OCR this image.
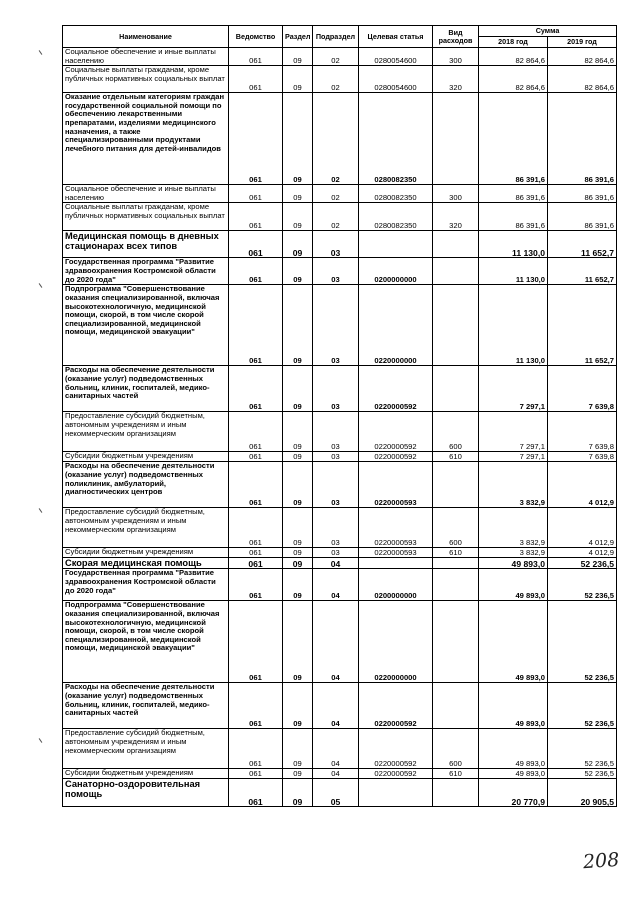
Наименование	Ведомство	Раздел	Подраздел	Целевая статья	Вид расходов	Сумма	
						2018 год	2019 год
Социальное обеспечение и иные выплаты населению	061	09	02	0280054600	300	82 864,6	82 864,6
Социальные выплаты гражданам, кроме публичных нормативных социальных выплат	061	09	02	0280054600	320	82 864,6	82 864,6
Оказание отдельным категориям граждан государственной социальной помощи по обеспечению лекарственными препаратами, изделиями медицинского назначения, а также специализированными продуктами лечебного питания для детей-инвалидов	061	09	02	0280082350		86 391,6	86 391,6
Социальное обеспечение и иные выплаты населению	061	09	02	0280082350	300	86 391,6	86 391,6
Социальные выплаты гражданам, кроме публичных нормативных социальных выплат	061	09	02	0280082350	320	86 391,6	86 391,6
Медицинская помощь в дневных стационарах всех типов	061	09	03			11 130,0	11 652,7
Государственная программа "Развитие здравоохранения Костромской области до 2020 года"	061	09	03	0200000000		11 130,0	11 652,7
Подпрограмма "Совершенствование оказания специализированной, включая высокотехнологичную, медицинской помощи, скорой, в том числе скорой специализированной, медицинской помощи, медицинской эвакуации"	061	09	03	0220000000		11 130,0	11 652,7
Расходы на обеспечение деятельности (оказание услуг) подведомственных больниц, клиник, госпиталей, медико-санитарных частей	061	09	03	0220000592		7 297,1	7 639,8
Предоставление субсидий бюджетным, автономным учреждениям и иным некоммерческим организациям	061	09	03	0220000592	600	7 297,1	7 639,8
Субсидии бюджетным учреждениям	061	09	03	0220000592	610	7 297,1	7 639,8
Расходы на обеспечение деятельности (оказание услуг) подведомственных поликлиник, амбулаторий, диагностических центров	061	09	03	0220000593		3 832,9	4 012,9
Предоставление субсидий бюджетным, автономным учреждениям и иным некоммерческим организациям	061	09	03	0220000593	600	3 832,9	4 012,9
Субсидии бюджетным учреждениям	061	09	03	0220000593	610	3 832,9	4 012,9
Скорая медицинская помощь	061	09	04			49 893,0	52 236,5
Государственная программа "Развитие здравоохранения Костромской области до 2020 года"	061	09	04	0200000000		49 893,0	52 236,5
Подпрограмма "Совершенствование оказания специализированной, включая высокотехнологичную, медицинской помощи, скорой, в том числе скорой специализированной, медицинской помощи, медицинской эвакуации"	061	09	04	0220000000		49 893,0	52 236,5
Расходы на обеспечение деятельности (оказание услуг) подведомственных больниц, клиник, госпиталей, медико-санитарных частей	061	09	04	0220000592		49 893,0	52 236,5
Предоставление субсидий бюджетным, автономным учреждениям и иным некоммерческим организациям	061	09	04	0220000592	600	49 893,0	52 236,5
Субсидии бюджетным учреждениям	061	09	04	0220000592	610	49 893,0	52 236,5
Санаторно-оздоровительная помощь	061	09	05			20 770,9	20 905,5
208
